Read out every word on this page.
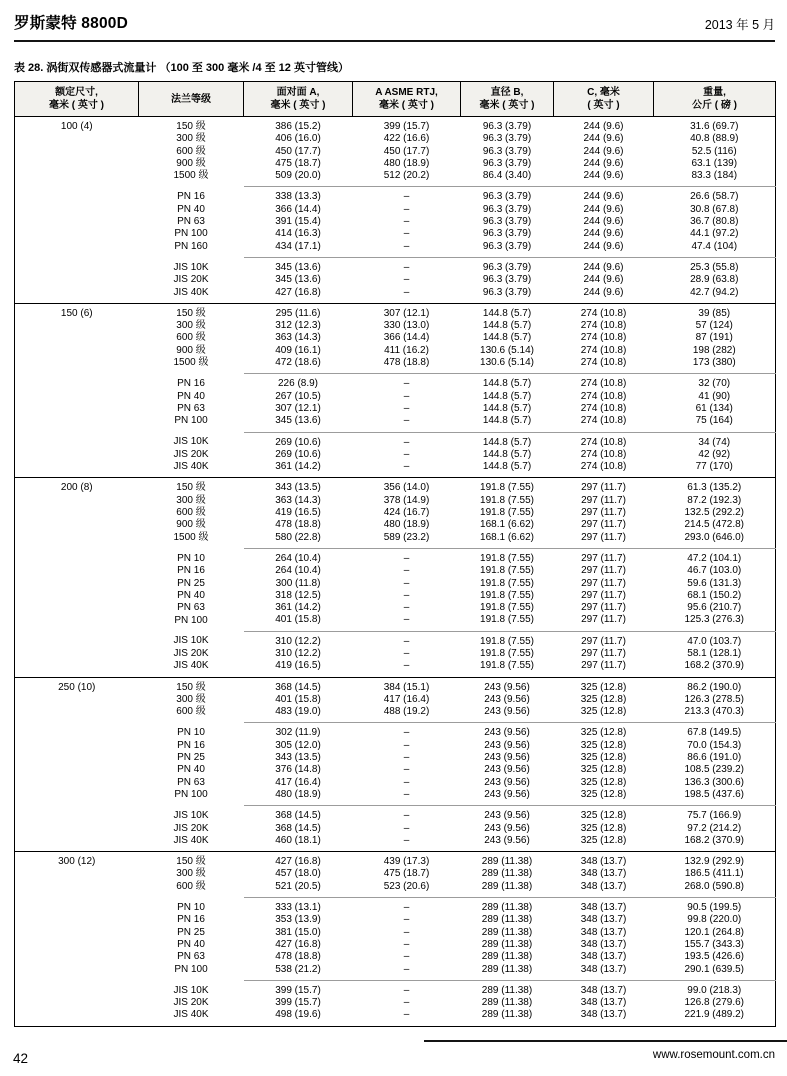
罗斯蒙特 8800D	2013 年 5 月
表 28. 涡街双传感器式流量计 （100 至 300 毫米 /4 至 12 英寸管线）
额定尺寸,
毫米 ( 英寸 )

法兰等级

面对面 A,
毫米 ( 英寸 )

A ASME RTJ,
毫米 ( 英寸 )

直径 B,
毫米 ( 英寸 )

C, 毫米
( 英寸 )

重量,
公斤 ( 磅 )

100 (4)	150 级	386 (15.2)	399 (15.7)	96.3 (3.79)	244 (9.6)	31.6 (69.7)
	300 级	406 (16.0)	422 (16.6)	96.3 (3.79)	244 (9.6)	40.8 (88.9)
	600 级	450 (17.7)	450 (17.7)	96.3 (3.79)	244 (9.6)	52.5 (116)
	900 级	475 (18.7)	480 (18.9)	96.3 (3.79)	244 (9.6)	63.1 (139)
	1500 级	509 (20.0)	512 (20.2)	86.4 (3.40)	244 (9.6)	83.3 (184)
	PN 16	338 (13.3)	–	96.3 (3.79)	244 (9.6)	26.6 (58.7)
	PN 40	366 (14.4)	–	96.3 (3.79)	244 (9.6)	30.8 (67.8)
	PN 63	391 (15.4)	–	96.3 (3.79)	244 (9.6)	36.7 (80.8)
	PN 100	414 (16.3)	–	96.3 (3.79)	244 (9.6)	44.1 (97.2)
	PN 160	434 (17.1)	–	96.3 (3.79)	244 (9.6)	47.4 (104)
	JIS 10K	345 (13.6)	–	96.3 (3.79)	244 (9.6)	25.3 (55.8)
	JIS 20K	345 (13.6)	–	96.3 (3.79)	244 (9.6)	28.9 (63.8)
	JIS 40K	427 (16.8)	–	96.3 (3.79)	244 (9.6)	42.7 (94.2)
150 (6)	150 级	295 (11.6)	307 (12.1)	144.8 (5.7)	274 (10.8)	39 (85)
	300 级	312 (12.3)	330 (13.0)	144.8 (5.7)	274 (10.8)	57 (124)
	600 级	363 (14.3)	366 (14.4)	144.8 (5.7)	274 (10.8)	87 (191)
	900 级	409 (16.1)	411 (16.2)	130.6 (5.14)	274 (10.8)	198 (282)
	1500 级	472 (18.6)	478 (18.8)	130.6 (5.14)	274 (10.8)	173 (380)
	PN 16	226 (8.9)	–	144.8 (5.7)	274 (10.8)	32 (70)
	PN 40	267 (10.5)	–	144.8 (5.7)	274 (10.8)	41 (90)
	PN 63	307 (12.1)	–	144.8 (5.7)	274 (10.8)	61 (134)
	PN 100	345 (13.6)	–	144.8 (5.7)	274 (10.8)	75 (164)
	JIS 10K	269 (10.6)	–	144.8 (5.7)	274 (10.8)	34 (74)
	JIS 20K	269 (10.6)	–	144.8 (5.7)	274 (10.8)	42 (92)
	JIS 40K	361 (14.2)	–	144.8 (5.7)	274 (10.8)	77 (170)
200 (8)	150 级	343 (13.5)	356 (14.0)	191.8 (7.55)	297 (11.7)	61.3 (135.2)
	300 级	363 (14.3)	378 (14.9)	191.8 (7.55)	297 (11.7)	87.2 (192.3)
	600 级	419 (16.5)	424 (16.7)	191.8 (7.55)	297 (11.7)	132.5 (292.2)
	900 级	478 (18.8)	480 (18.9)	168.1 (6.62)	297 (11.7)	214.5 (472.8)
	1500 级	580 (22.8)	589 (23.2)	168.1 (6.62)	297 (11.7)	293.0 (646.0)
	PN 10	264 (10.4)	–	191.8 (7.55)	297 (11.7)	47.2 (104.1)
	PN 16	264 (10.4)	–	191.8 (7.55)	297 (11.7)	46.7 (103.0)
	PN 25	300 (11.8)	–	191.8 (7.55)	297 (11.7)	59.6 (131.3)
	PN 40	318 (12.5)	–	191.8 (7.55)	297 (11.7)	68.1 (150.2)
	PN 63	361 (14.2)	–	191.8 (7.55)	297 (11.7)	95.6 (210.7)
	PN 100	401 (15.8)	–	191.8 (7.55)	297 (11.7)	125.3 (276.3)
	JIS 10K	310 (12.2)	–	191.8 (7.55)	297 (11.7)	47.0 (103.7)
	JIS 20K	310 (12.2)	–	191.8 (7.55)	297 (11.7)	58.1 (128.1)
	JIS 40K	419 (16.5)	–	191.8 (7.55)	297 (11.7)	168.2 (370.9)
250 (10)	150 级	368 (14.5)	384 (15.1)	243 (9.56)	325 (12.8)	86.2 (190.0)
	300 级	401 (15.8)	417 (16.4)	243 (9.56)	325 (12.8)	126.3 (278.5)
	600 级	483 (19.0)	488 (19.2)	243 (9.56)	325 (12.8)	213.3 (470.3)
	PN 10	302 (11.9)	–	243 (9.56)	325 (12.8)	67.8 (149.5)
	PN 16	305 (12.0)	–	243 (9.56)	325 (12.8)	70.0 (154.3)
	PN 25	343 (13.5)	–	243 (9.56)	325 (12.8)	86.6 (191.0)
	PN 40	376 (14.8)	–	243 (9.56)	325 (12.8)	108.5 (239.2)
	PN 63	417 (16.4)	–	243 (9.56)	325 (12.8)	136.3 (300.6)
	PN 100	480 (18.9)	–	243 (9.56)	325 (12.8)	198.5 (437.6)
	JIS 10K	368 (14.5)	–	243 (9.56)	325 (12.8)	75.7 (166.9)
	JIS 20K	368 (14.5)	–	243 (9.56)	325 (12.8)	97.2 (214.2)
	JIS 40K	460 (18.1)	–	243 (9.56)	325 (12.8)	168.2 (370.9)
300 (12)	150 级	427 (16.8)	439 (17.3)	289 (11.38)	348 (13.7)	132.9 (292.9)
	300 级	457 (18.0)	475 (18.7)	289 (11.38)	348 (13.7)	186.5 (411.1)
	600 级	521 (20.5)	523 (20.6)	289 (11.38)	348 (13.7)	268.0 (590.8)
	PN 10	333 (13.1)	–	289 (11.38)	348 (13.7)	90.5 (199.5)
	PN 16	353 (13.9)	–	289 (11.38)	348 (13.7)	99.8 (220.0)
	PN 25	381 (15.0)	–	289 (11.38)	348 (13.7)	120.1 (264.8)
	PN 40	427 (16.8)	–	289 (11.38)	348 (13.7)	155.7 (343.3)
	PN 63	478 (18.8)	–	289 (11.38)	348 (13.7)	193.5 (426.6)
	PN 100	538 (21.2)	–	289 (11.38)	348 (13.7)	290.1 (639.5)
	JIS 10K	399 (15.7)	–	289 (11.38)	348 (13.7)	99.0 (218.3)
	JIS 20K	399 (15.7)	–	289 (11.38)	348 (13.7)	126.8 (279.6)
	JIS 40K	498 (19.6)	–	289 (11.38)	348 (13.7)	221.9 (489.2)
42	www.rosemount.com.cn
